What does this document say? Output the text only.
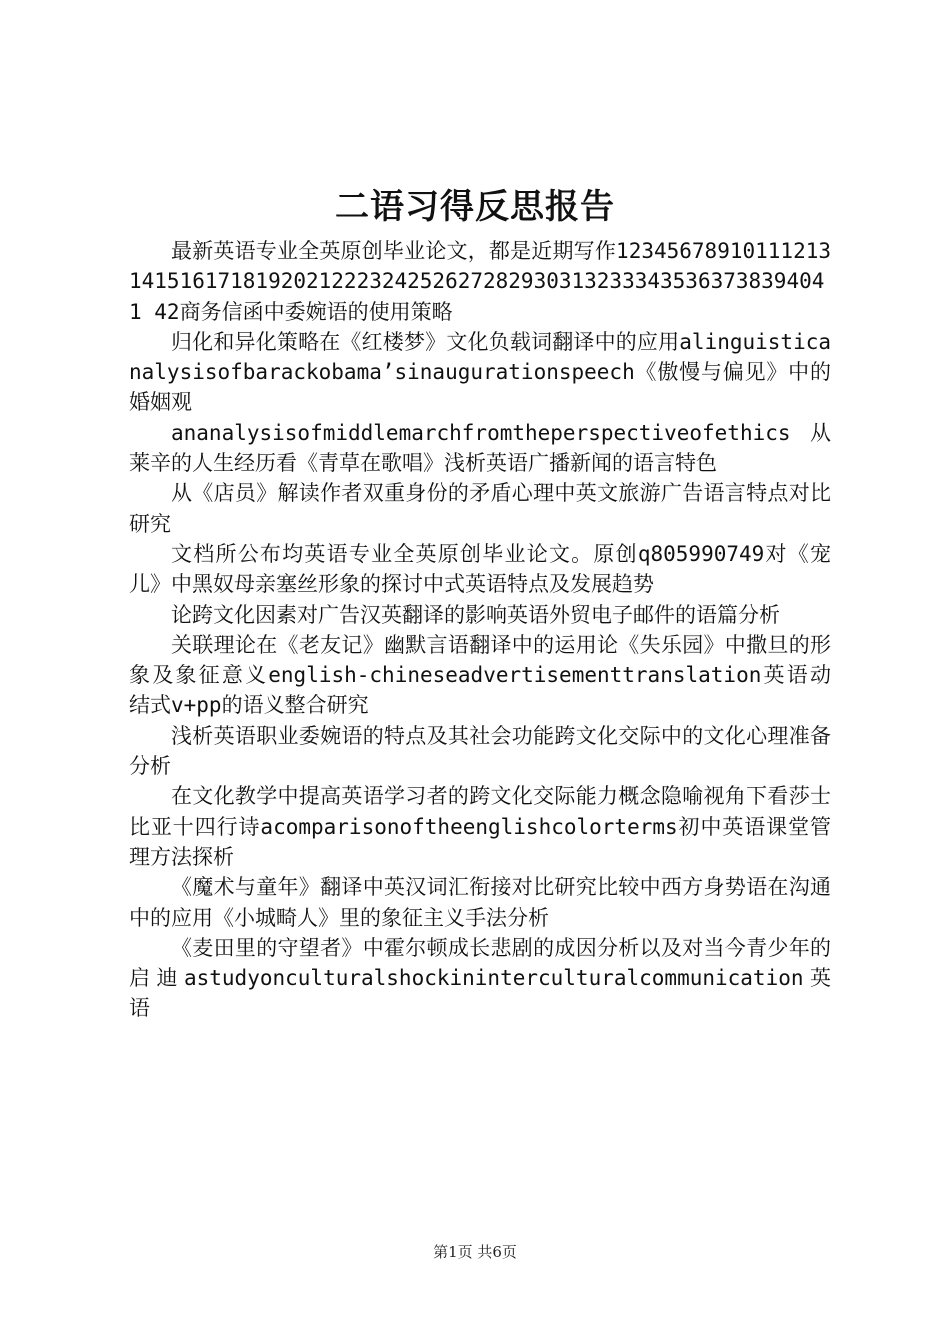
二语习得反思报告

最新英语专业全英原创毕业论文，都是近期写作1234567891011121314151617181920212223242526272829303132333435363738394041 42商务信函中委婉语的使用策略

归化和异化策略在《红楼梦》文化负载词翻译中的应用alinguisticanalysisofbarackobama’sinaugurationspeech《傲慢与偏见》中的婚姻观

ananalysisofmiddlemarchfromtheperspectiveofethics从莱辛的人生经历看《青草在歌唱》浅析英语广播新闻的语言特色

从《店员》解读作者双重身份的矛盾心理中英文旅游广告语言特点对比研究

文档所公布均英语专业全英原创毕业论文。原创q805990749对《宠儿》中黑奴母亲塞丝形象的探讨中式英语特点及发展趋势

论跨文化因素对广告汉英翻译的影响英语外贸电子邮件的语篇分析

关联理论在《老友记》幽默言语翻译中的运用论《失乐园》中撒旦的形象及象征意义english-chineseadvertisementtranslation英语动结式v+pp的语义整合研究

浅析英语职业委婉语的特点及其社会功能跨文化交际中的文化心理准备分析

在文化教学中提高英语学习者的跨文化交际能力概念隐喻视角下看莎士比亚十四行诗acomparisonoftheenglishcolorterms初中英语课堂管理方法探析

《魔术与童年》翻译中英汉词汇衔接对比研究比较中西方身势语在沟通中的应用《小城畸人》里的象征主义手法分析

《麦田里的守望者》中霍尔顿成长悲剧的成因分析以及对当今青少年的启迪astudyonculturalshockininterculturalcommunication英语

第1页 共6页
